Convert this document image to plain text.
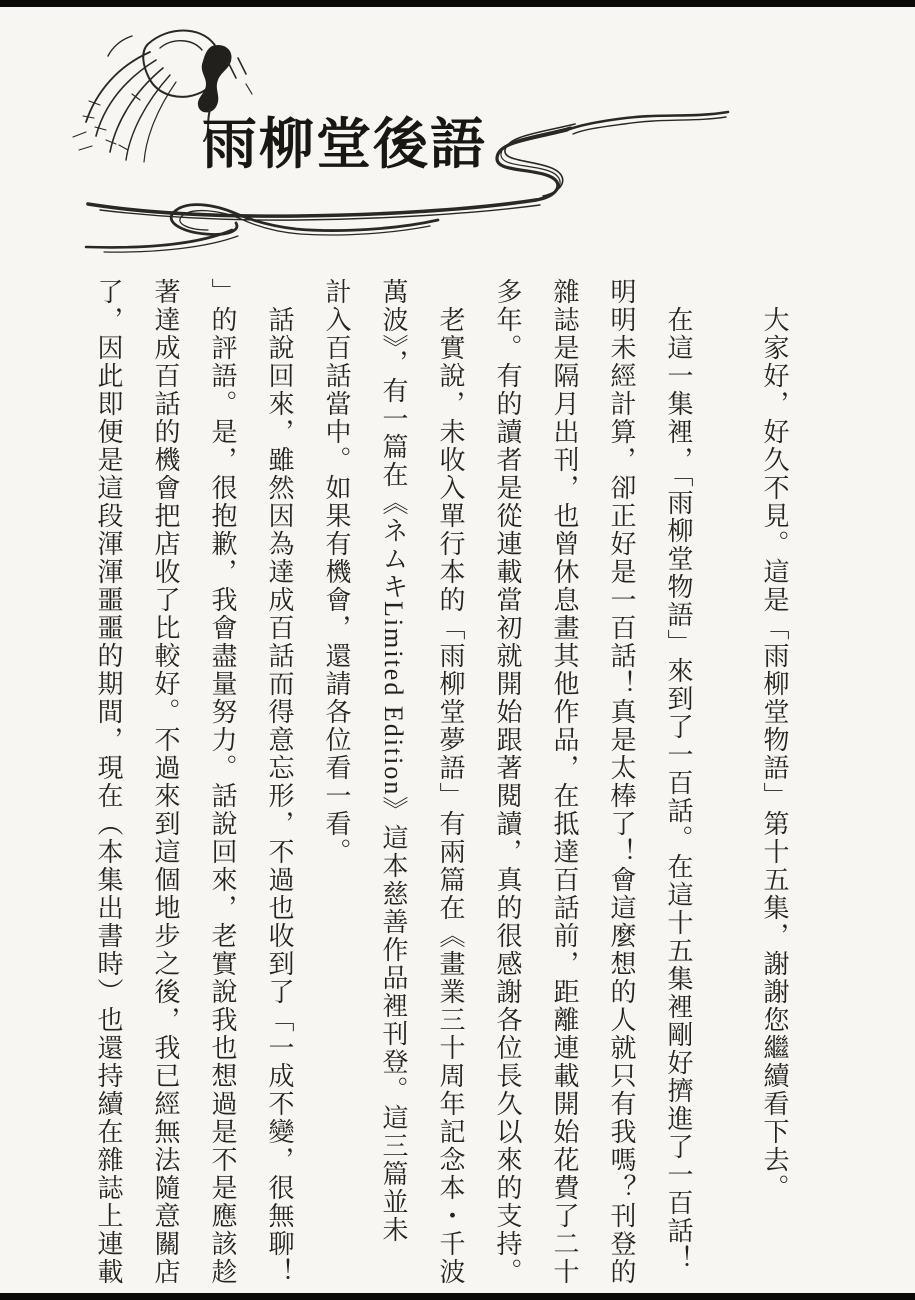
雨柳堂後語
大家好，好久不見。這是「雨柳堂物語」第十五集，謝謝您繼續看下去。
在這一集裡，「雨柳堂物語」來到了一百話。在這十五集裡剛好擠進了一百話！
明明未經計算，卻正好是一百話！真是太棒了！會這麼想的人就只有我嗎？刊登的
雜誌是隔月出刊，也曾休息畫其他作品，在抵達百話前，距離連載開始花費了二十
多年。有的讀者是從連載當初就開始跟著閱讀，真的很感謝各位長久以來的支持。
老實說，未收入單行本的「雨柳堂夢語」有兩篇在《畫業三十周年記念本・千波
萬波》，有一篇在《ネムキLimited Edition》這本慈善作品裡刊登。這三篇並未
計入百話當中。如果有機會，還請各位看一看。
話說回來，雖然因為達成百話而得意忘形，不過也收到了「一成不變，很無聊！
」的評語。是，很抱歉，我會盡量努力。話說回來，老實說我也想過是不是應該趁
著達成百話的機會把店收了比較好。不過來到這個地步之後，我已經無法隨意關店
了，因此即便是這段渾渾噩噩的期間，現在（本集出書時）也還持續在雜誌上連載
